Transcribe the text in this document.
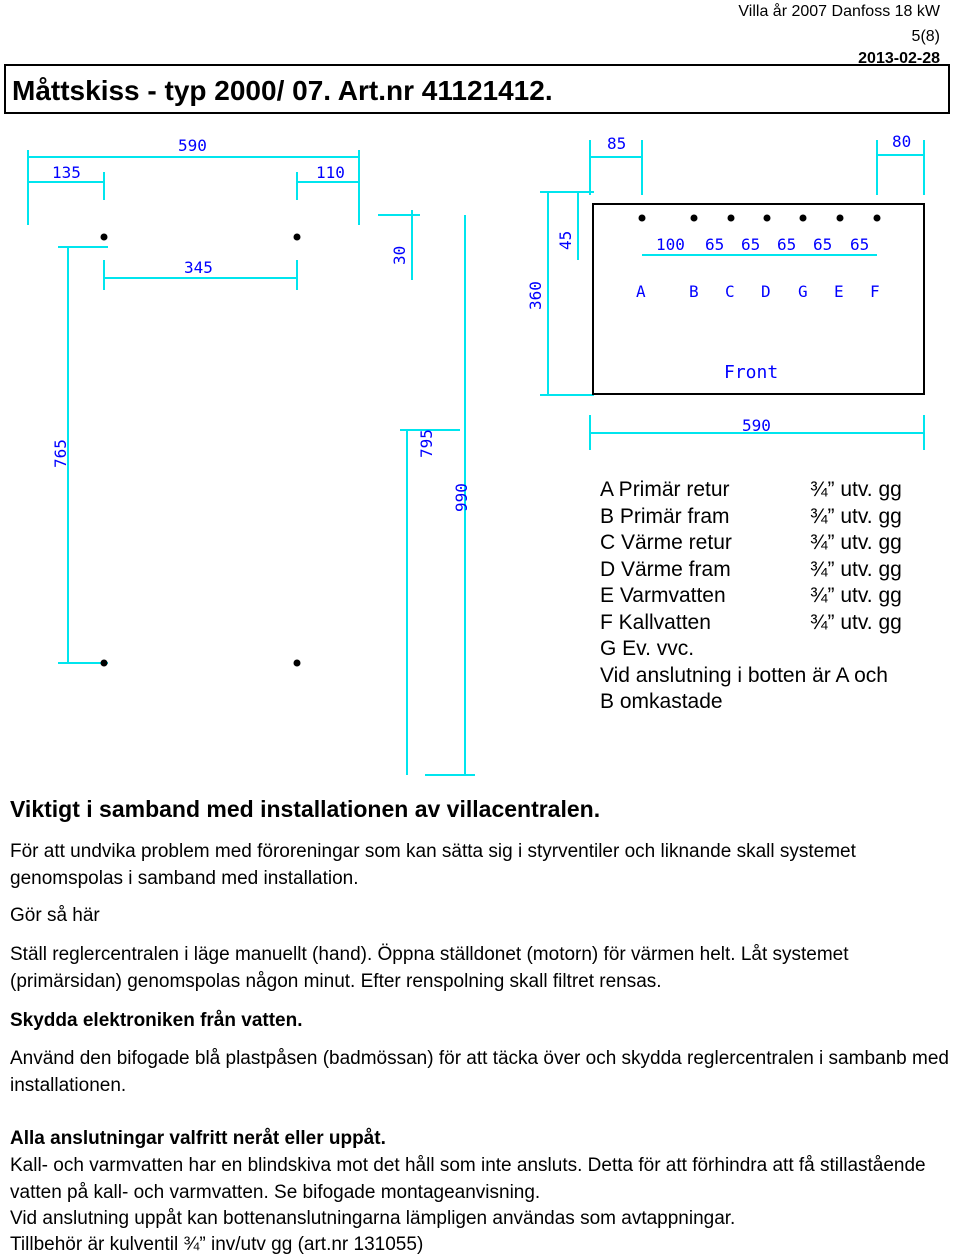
Villa år 2007 Danfoss 18 kW
5(8)
2013-02-28
Måttskiss - typ 2000/ 07. Art.nr 41121412.
590
135	110
345
85	80
590
30
45
360
765	795
990
100 65 65 65 65 65
A	B C D G E F
Front
A Primär retur	¾” utv. gg
B Primär fram	¾” utv. gg
C Värme retur	¾” utv. gg
D Värme fram	¾” utv. gg
E Varmvatten	¾” utv. gg
F Kallvatten	¾” utv. gg
G Ev. vvc.
Vid anslutning i botten är A och
B omkastade
Viktigt i samband med installationen av villacentralen.
För att undvika problem med föroreningar som kan sätta sig i styrventiler och liknande skall systemet genomspolas i samband med installation.
Gör så här
Ställ reglercentralen i läge manuellt (hand). Öppna ställdonet (motorn) för värmen helt. Låt systemet (primärsidan) genomspolas någon minut. Efter renspolning skall filtret rensas.
Skydda elektroniken från vatten.
Använd den bifogade blå plastpåsen (badmössan) för att täcka över och skydda reglercentralen i sambanb med installationen.
Alla anslutningar valfritt neråt eller uppåt.
Kall- och varmvatten har en blindskiva mot det håll som inte ansluts. Detta för att förhindra att få stillastående vatten på kall- och varmvatten. Se bifogade montageanvisning.
Vid anslutning uppåt kan bottenanslutningarna lämpligen användas som avtappningar.
Tillbehör är kulventil ¾” inv/utv gg (art.nr 131055)
